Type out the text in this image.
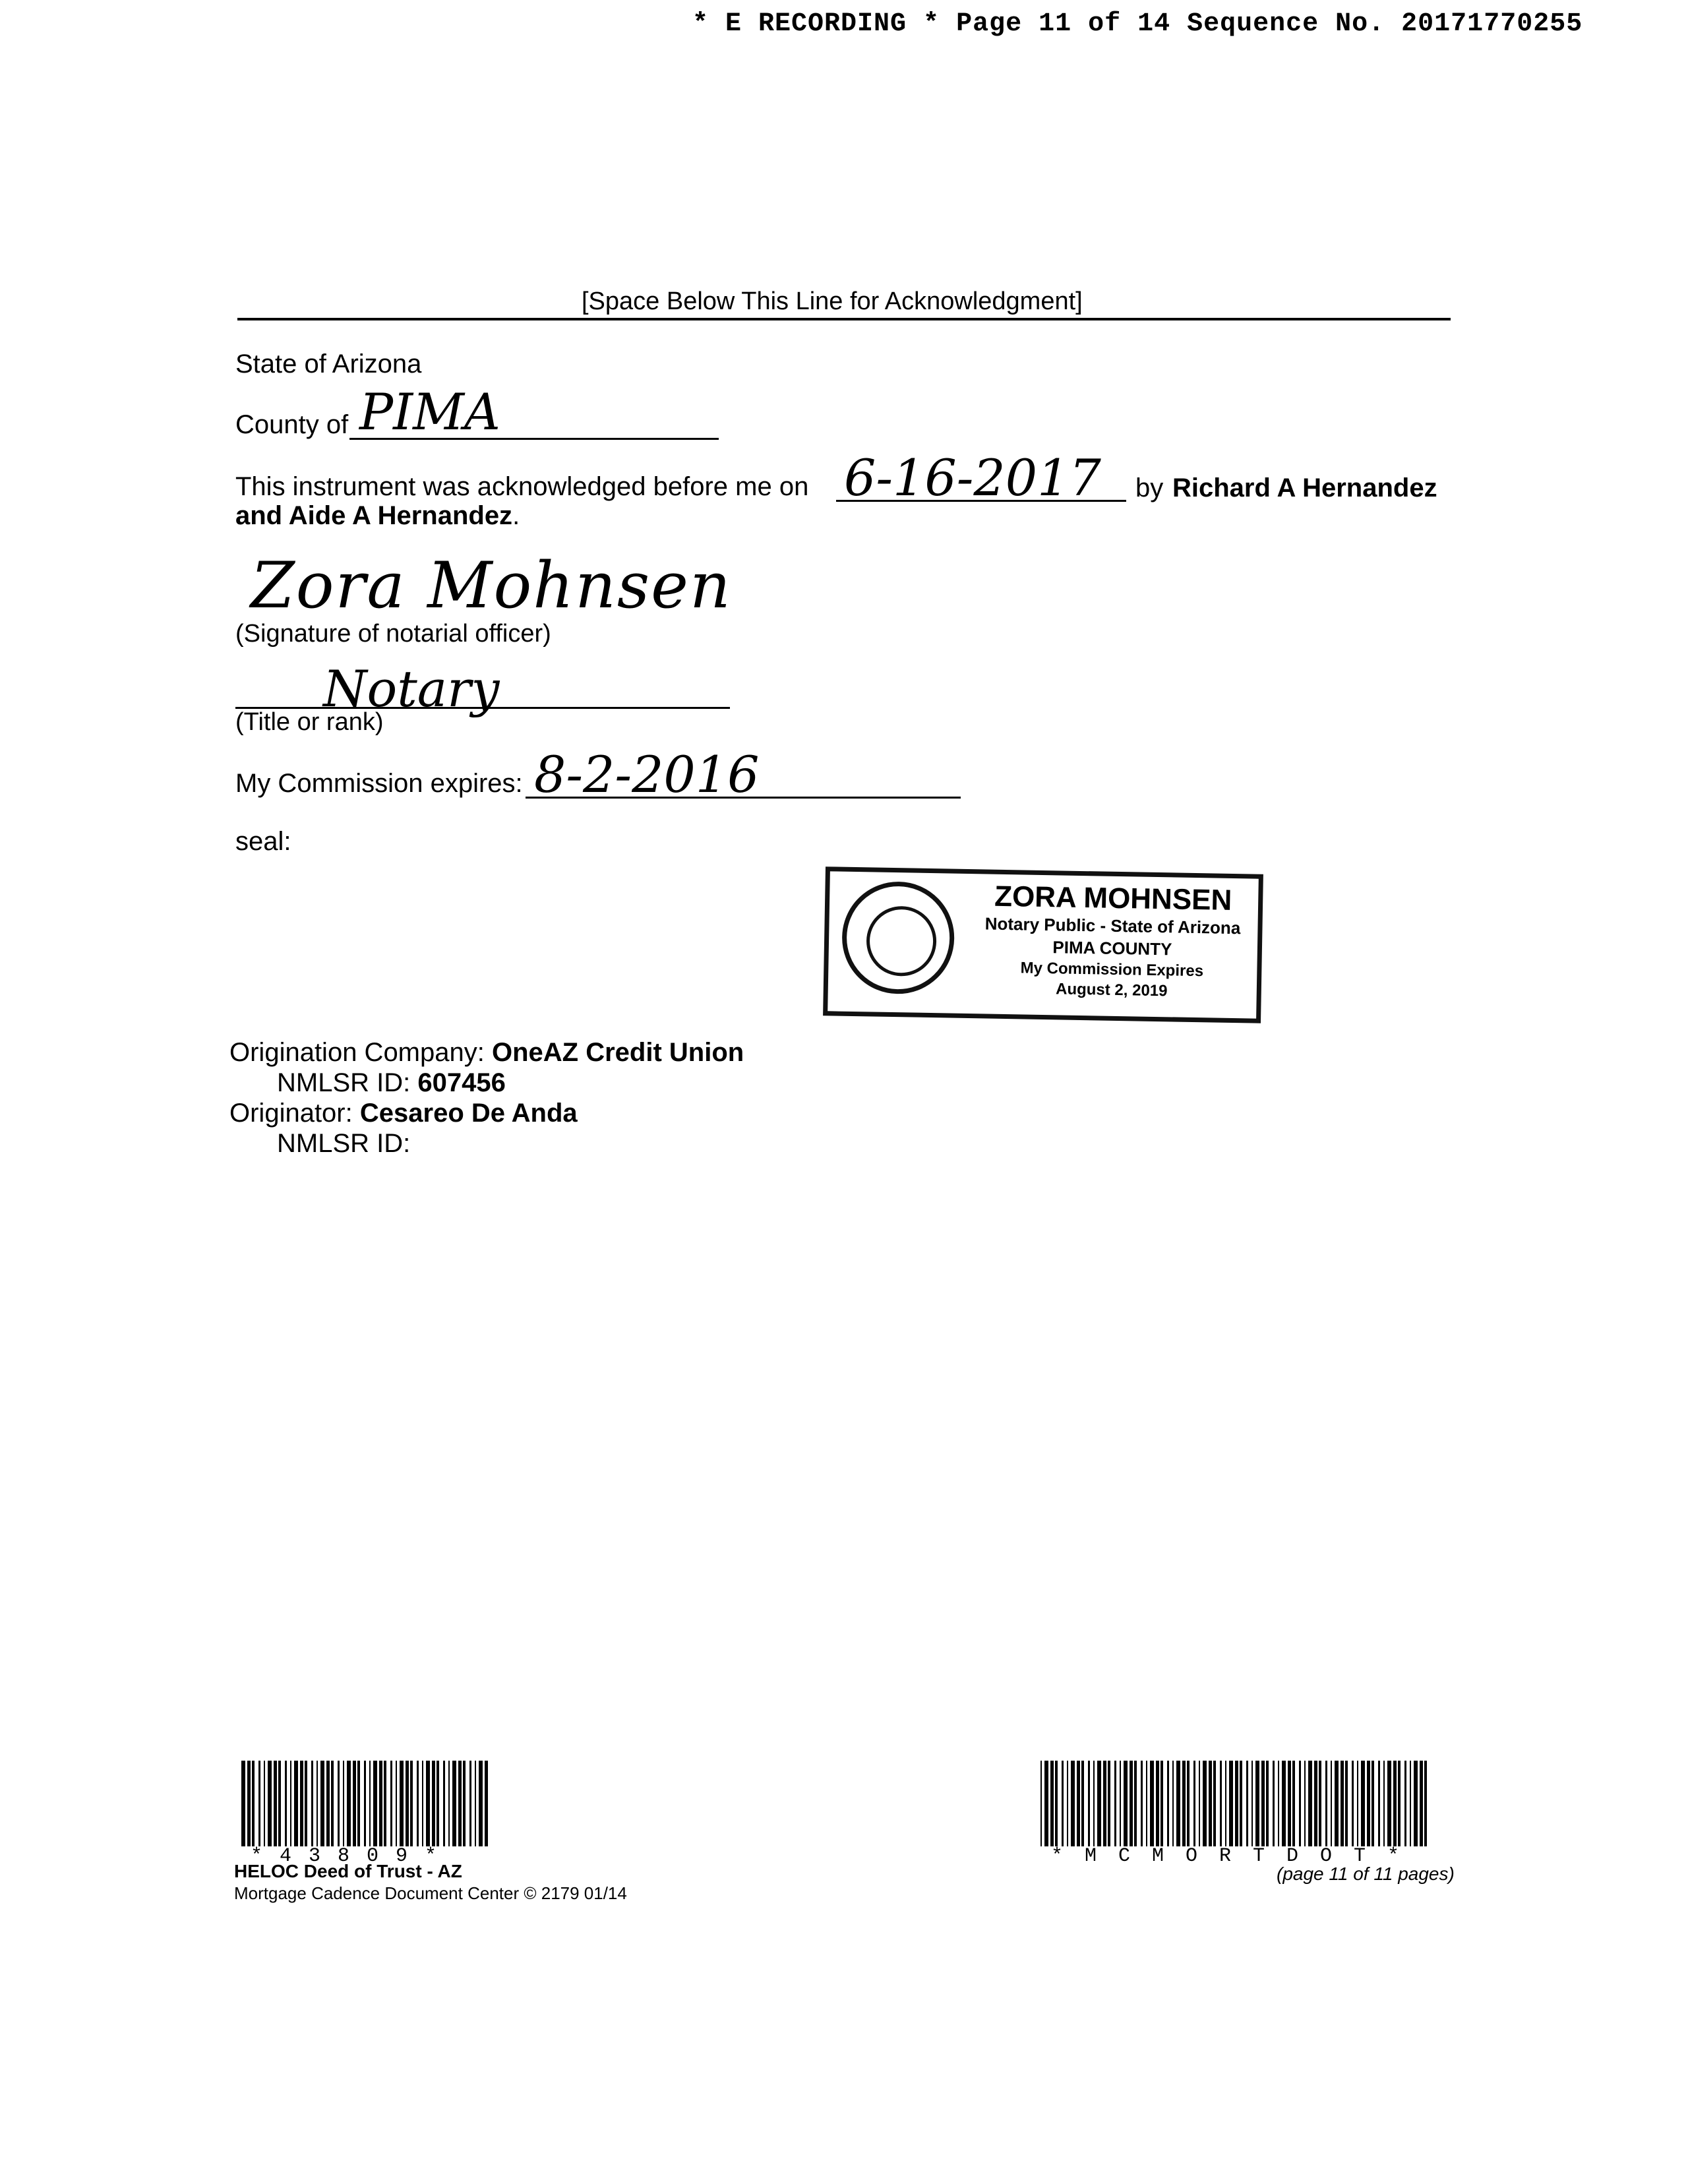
* E RECORDING * Page 11 of 14 Sequence No. 20171770255
[Space Below This Line for Acknowledgment]
State of Arizona
County of PIMA
This instrument was acknowledged before me on 6-16-2017 by Richard A Hernandez
and Aide A Hernandez.
Zora Mohnsen
(Signature of notarial officer)
Notary
(Title or rank)
My Commission expires: 8-2-2016
seal:
ZORA MOHNSEN
Notary Public - State of Arizona
PIMA COUNTY
My Commission Expires
August 2, 2019
Origination Company: OneAZ Credit Union
NMLSR ID: 607456
Originator: Cesareo De Anda
NMLSR ID:
*43809*
HELOC Deed of Trust - AZ
Mortgage Cadence Document Center © 2179 01/14
*MCMORTDOT*
(page 11 of 11 pages)
